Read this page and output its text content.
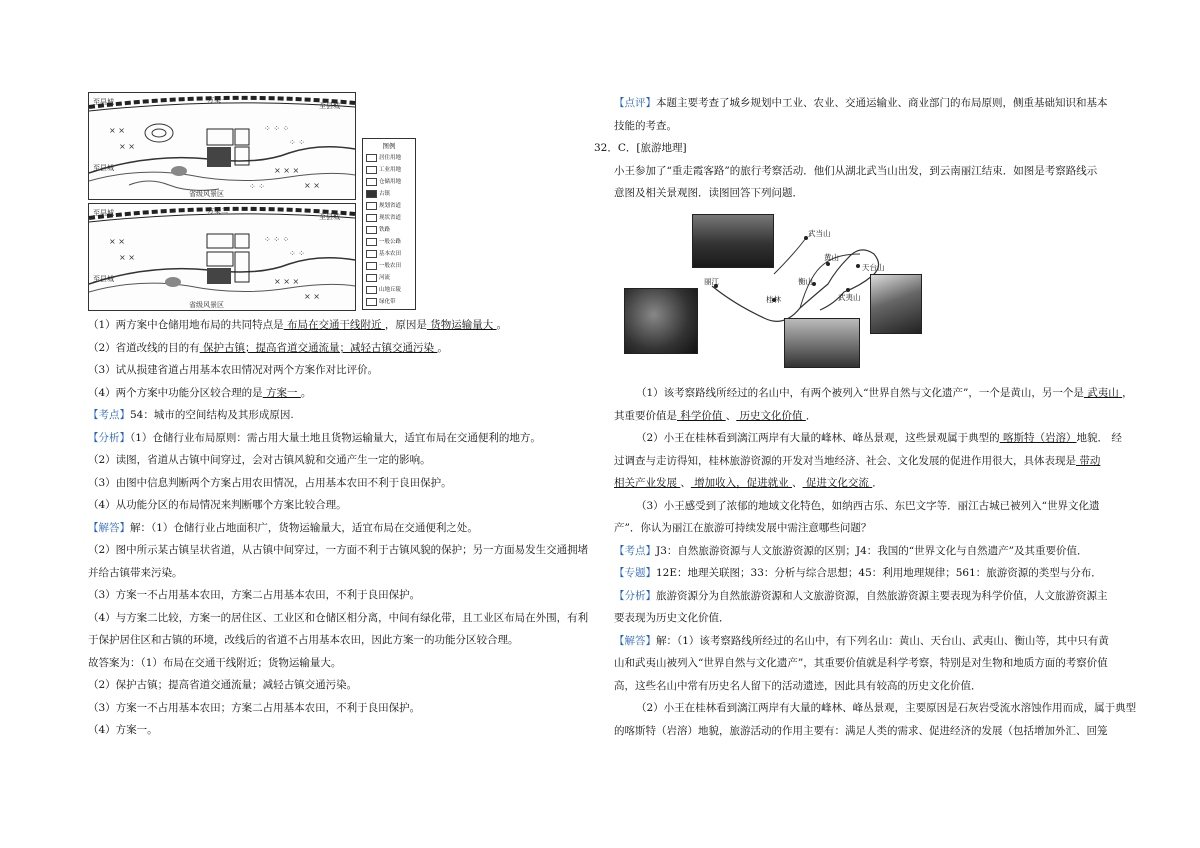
× ×
× ×
⁘ ⁘ ⁘
⁘ ⁘
× × ×
× ×
⁘ ⁘
至县城	方案一
至县城
至县城
省级风景区
× ×
× ×
⁘ ⁘ ⁘
⁘ ⁘
× × ×
× ×
至县城	方案二
至县城
至县城
省级风景区
图例
居住用地
工业用地
仓储用地
古镇
规划省道
现状省道
铁路
一般公路
基本农田
一般农田
河流
山地丘陵
绿化带
（1）两方案中仓储用地布局的共同特点是 布局在交通干线附近 ，原因是 货物运输量大 。
（2）省道改线的目的有 保护古镇；提高省道交通流量；减轻古镇交通污染 。
（3）试从损建省道占用基本农田情况对两个方案作对比评价。
（4）两个方案中功能分区较合理的是 方案一 。
【考点】54：城市的空间结构及其形成原因.
【分析】（1）仓储行业布局原则：需占用大量土地且货物运输量大，适宜布局在交通便利的地方。
（2）读图，省道从古镇中间穿过，会对古镇风貌和交通产生一定的影响。
（3）由图中信息判断两个方案占用农田情况，占用基本农田不利于良田保护。
（4）从功能分区的布局情况来判断哪个方案比较合理。
【解答】解：（1）仓储行业占地面积广，货物运输量大，适宜布局在交通便利之处。
（2）图中所示某古镇呈状省道，从古镇中间穿过，一方面不利于古镇风貌的保护；另一方面易发生交通拥堵
并给古镇带来污染。
（3）方案一不占用基本农田，方案二占用基本农田，不利于良田保护。
（4）与方案二比较，方案一的居住区、工业区和仓储区相分离，中间有绿化带，且工业区布局在外围，有利
于保护居住区和古镇的环境，改线后的省道不占用基本农田，因此方案一的功能分区较合理。
故答案为：（1）布局在交通干线附近；货物运输量大。
（2）保护古镇；提高省道交通流量；减轻古镇交通污染。
（3）方案一不占用基本农田；方案二占用基本农田，不利于良田保护。
（4）方案一。
【点评】本题主要考查了城乡规划中工业、农业、交通运输业、商业部门的布局原则，侧重基础知识和基本
技能的考查。
32．C．[旅游地理]
小王参加了“重走霞客路”的旅行考察活动．他们从湖北武当山出发，到云南丽江结束．如图是考察路线示
意图及相关景观图．读图回答下列问题．
武当山
黄山
天台山
衡山
丽江
桂林	武夷山
（1）该考察路线所经过的名山中，有两个被列入“世界自然与文化遗产”，一个是黄山，另一个是 武夷山 ，
其重要价值是 科学价值 、 历史文化价值 ．
（2）小王在桂林看到漓江两岸有大量的峰林、峰丛景观，这些景观属于典型的 喀斯特（岩溶）地貌． 经
过调查与走访得知，桂林旅游资源的开发对当地经济、社会、文化发展的促进作用很大，具体表现是 带动
相关产业发展 、 增加收入，促进就业 、 促进文化交流 ．
（3）小王感受到了浓郁的地域文化特色，如纳西古乐、东巴文字等．丽江古城已被列入“世界文化遗
产”．你认为丽江在旅游可持续发展中需注意哪些问题？
【考点】J3：自然旅游资源与人文旅游资源的区别；J4：我国的“世界文化与自然遗产”及其重要价值．
【专题】12E：地理关联图；33：分析与综合思想；45：利用地理规律；561：旅游资源的类型与分布．
【分析】旅游资源分为自然旅游资源和人文旅游资源，自然旅游资源主要表现为科学价值，人文旅游资源主
要表现为历史文化价值．
【解答】解：（1）该考察路线所经过的名山中，有下列名山：黄山、天台山、武夷山、衡山等，其中只有黄
山和武夷山被列入“世界自然与文化遗产”，其重要价值就是科学考察，特别是对生物和地质方面的考察价值
高，这些名山中常有历史名人留下的活动遗迹，因此具有较高的历史文化价值．
（2）小王在桂林看到漓江两岸有大量的峰林、峰丛景观，主要原因是石灰岩受流水溶蚀作用而成，属于典型
的喀斯特（岩溶）地貌，旅游活动的作用主要有：满足人类的需求、促进经济的发展（包括增加外汇、回笼
